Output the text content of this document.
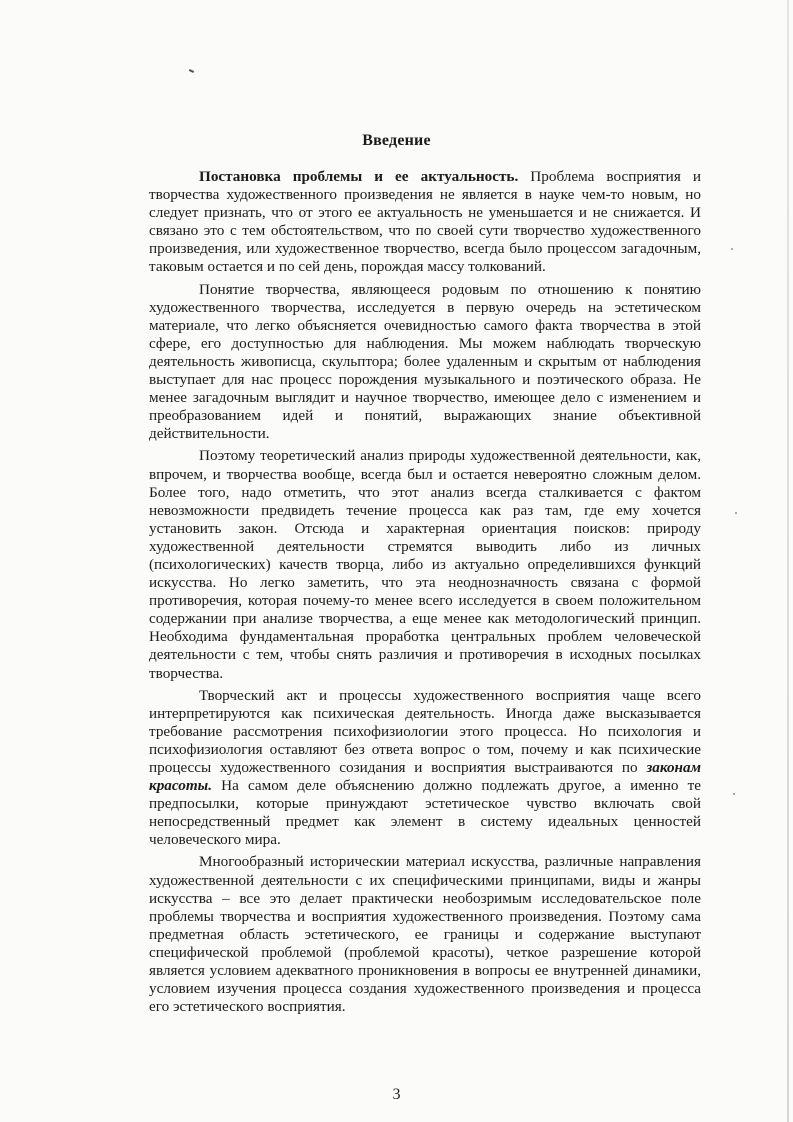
Введение

Постановка проблемы и ее актуальность. Проблема восприятия и творчества художественного произведения не является в науке чем-то новым, но следует признать, что от этого ее актуальность не уменьшается и не снижается. И связано это с тем обстоятельством, что по своей сути творчество художественного произведения, или художественное творчество, всегда было процессом загадочным, таковым остается и по сей день, порождая массу толкований.

Понятие творчества, являющееся родовым по отношению к понятию художественного творчества, исследуется в первую очередь на эстетическом материале, что легко объясняется очевидностью самого факта творчества в этой сфере, его доступностью для наблюдения. Мы можем наблюдать творческую деятельность живописца, скульптора; более удаленным и скрытым от наблюдения выступает для нас процесс порождения музыкального и поэтического образа. Не менее загадочным выглядит и научное творчество, имеющее дело с изменением и преобразованием идей и понятий, выражающих знание объективной действительности.

Поэтому теоретический анализ природы художественной деятельности, как, впрочем, и творчества вообще, всегда был и остается невероятно сложным делом. Более того, надо отметить, что этот анализ всегда сталкивается с фактом невозможности предвидеть течение процесса как раз там, где ему хочется установить закон. Отсюда и характерная ориентация поисков: природу художественной деятельности стремятся выводить либо из личных (психологических) качеств творца, либо из актуально определившихся функций искусства. Но легко заметить, что эта неоднозначность связана с формой противоречия, которая почему-то менее всего исследуется в своем положительном содержании при анализе творчества, а еще менее как методологический принцип. Необходима фундаментальная проработка центральных проблем человеческой деятельности с тем, чтобы снять различия и противоречия в исходных посылках творчества.

Творческий акт и процессы художественного восприятия чаще всего интерпретируются как психическая деятельность. Иногда даже высказывается требование рассмотрения психофизиологии этого процесса. Но психология и психофизиология оставляют без ответа вопрос о том, почему и как психические процессы художественного созидания и восприятия выстраиваются по законам красоты. На самом деле объяснению должно подлежать другое, а именно те предпосылки, которые принуждают эстетическое чувство включать свой непосредственный предмет как элемент в систему идеальных ценностей человеческого мира.

Многообразный историческии материал искусства, различные направления художественной деятельности с их специфическими принципами, виды и жанры искусства – все это делает практически необозримым исследовательское поле проблемы творчества и восприятия художественного произведения. Поэтому сама предметная область эстетического, ее границы и содержание выступают специфической проблемой (проблемой красоты), четкое разрешение которой является условием адекватного проникновения в вопросы ее внутренней динамики, условием изучения процесса создания художественного произведения и процесса его эстетического восприятия.

3
